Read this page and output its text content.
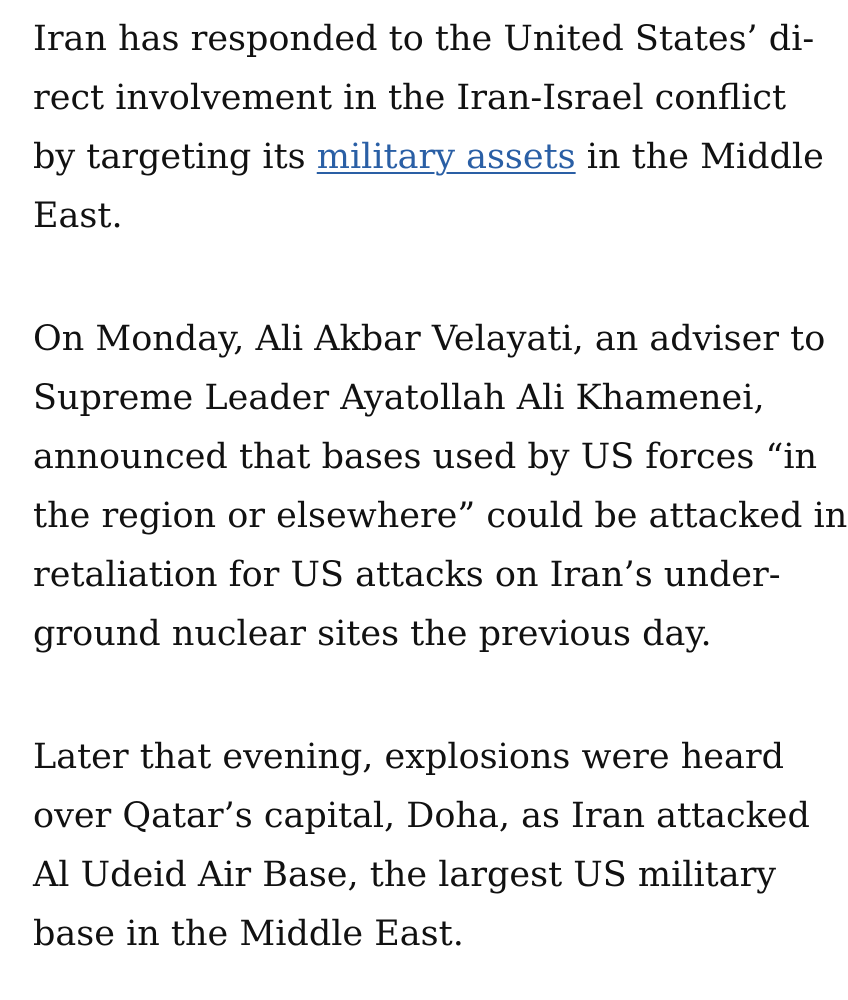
Iran has responded to the United States’ di-
rect involvement in the Iran-Israel conflict
by targeting its military assets in the Middle
East.

On Monday, Ali Akbar Velayati, an adviser to
Supreme Leader Ayatollah Ali Khamenei,
announced that bases used by US forces “in
the region or elsewhere” could be attacked in
retaliation for US attacks on Iran’s under-
ground nuclear sites the previous day.

Later that evening, explosions were heard
over Qatar’s capital, Doha, as Iran attacked
Al Udeid Air Base, the largest US military
base in the Middle East.
